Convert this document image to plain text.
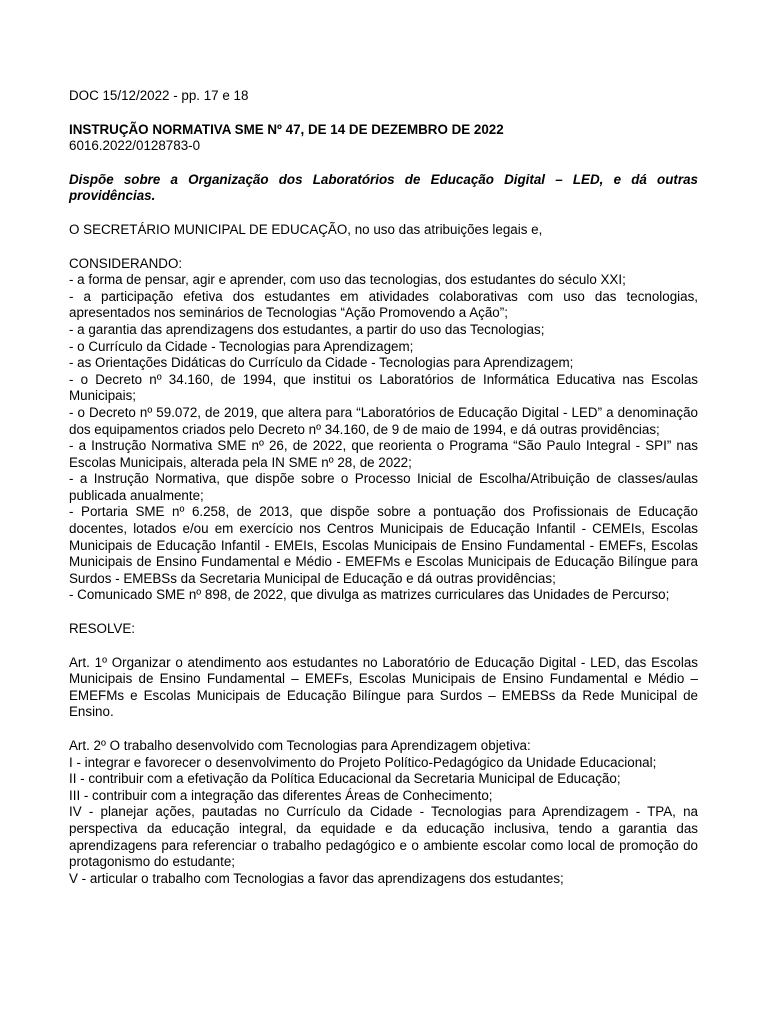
DOC 15/12/2022 - pp. 17 e 18

INSTRUÇÃO NORMATIVA SME Nº 47, DE 14 DE DEZEMBRO DE 2022

6016.2022/0128783-0

Dispõe sobre a Organização dos Laboratórios de Educação Digital – LED, e dá outras providências.

O SECRETÁRIO MUNICIPAL DE EDUCAÇÃO, no uso das atribuições legais e,

CONSIDERANDO:

- a forma de pensar, agir e aprender, com uso das tecnologias, dos estudantes do século XXI;

- a participação efetiva dos estudantes em atividades colaborativas com uso das tecnologias, apresentados nos seminários de Tecnologias “Ação Promovendo a Ação”;

- a garantia das aprendizagens dos estudantes, a partir do uso das Tecnologias;

- o Currículo da Cidade - Tecnologias para Aprendizagem;

- as Orientações Didáticas do Currículo da Cidade - Tecnologias para Aprendizagem;

- o Decreto nº 34.160, de 1994, que institui os Laboratórios de Informática Educativa nas Escolas Municipais;

- o Decreto nº 59.072, de 2019, que altera para “Laboratórios de Educação Digital - LED” a denominação dos equipamentos criados pelo Decreto nº 34.160, de 9 de maio de 1994, e dá outras providências;

- a Instrução Normativa SME nº 26, de 2022, que reorienta o Programa “São Paulo Integral - SPI” nas Escolas Municipais, alterada pela IN SME nº 28, de 2022;

- a Instrução Normativa, que dispõe sobre o Processo Inicial de Escolha/Atribuição de classes/aulas publicada anualmente;

- Portaria SME nº 6.258, de 2013, que dispõe sobre a pontuação dos Profissionais de Educação docentes, lotados e/ou em exercício nos Centros Municipais de Educação Infantil - CEMEIs, Escolas Municipais de Educação Infantil - EMEIs, Escolas Municipais de Ensino Fundamental - EMEFs, Escolas Municipais de Ensino Fundamental e Médio - EMEFMs e Escolas Municipais de Educação Bilíngue para Surdos - EMEBSs da Secretaria Municipal de Educação e dá outras providências;

- Comunicado SME nº 898, de 2022, que divulga as matrizes curriculares das Unidades de Percurso;

RESOLVE:

Art. 1º Organizar o atendimento aos estudantes no Laboratório de Educação Digital - LED, das Escolas Municipais de Ensino Fundamental – EMEFs, Escolas Municipais de Ensino Fundamental e Médio – EMEFMs e Escolas Municipais de Educação Bilíngue para Surdos – EMEBSs da Rede Municipal de Ensino.

Art. 2º O trabalho desenvolvido com Tecnologias para Aprendizagem objetiva:

I - integrar e favorecer o desenvolvimento do Projeto Político-Pedagógico da Unidade Educacional;

II - contribuir com a efetivação da Política Educacional da Secretaria Municipal de Educação;

III - contribuir com a integração das diferentes Áreas de Conhecimento;

IV - planejar ações, pautadas no Currículo da Cidade - Tecnologias para Aprendizagem - TPA, na perspectiva da educação integral, da equidade e da educação inclusiva, tendo a garantia das aprendizagens para referenciar o trabalho pedagógico e o ambiente escolar como local de promoção do protagonismo do estudante;

V - articular o trabalho com Tecnologias a favor das aprendizagens dos estudantes;
